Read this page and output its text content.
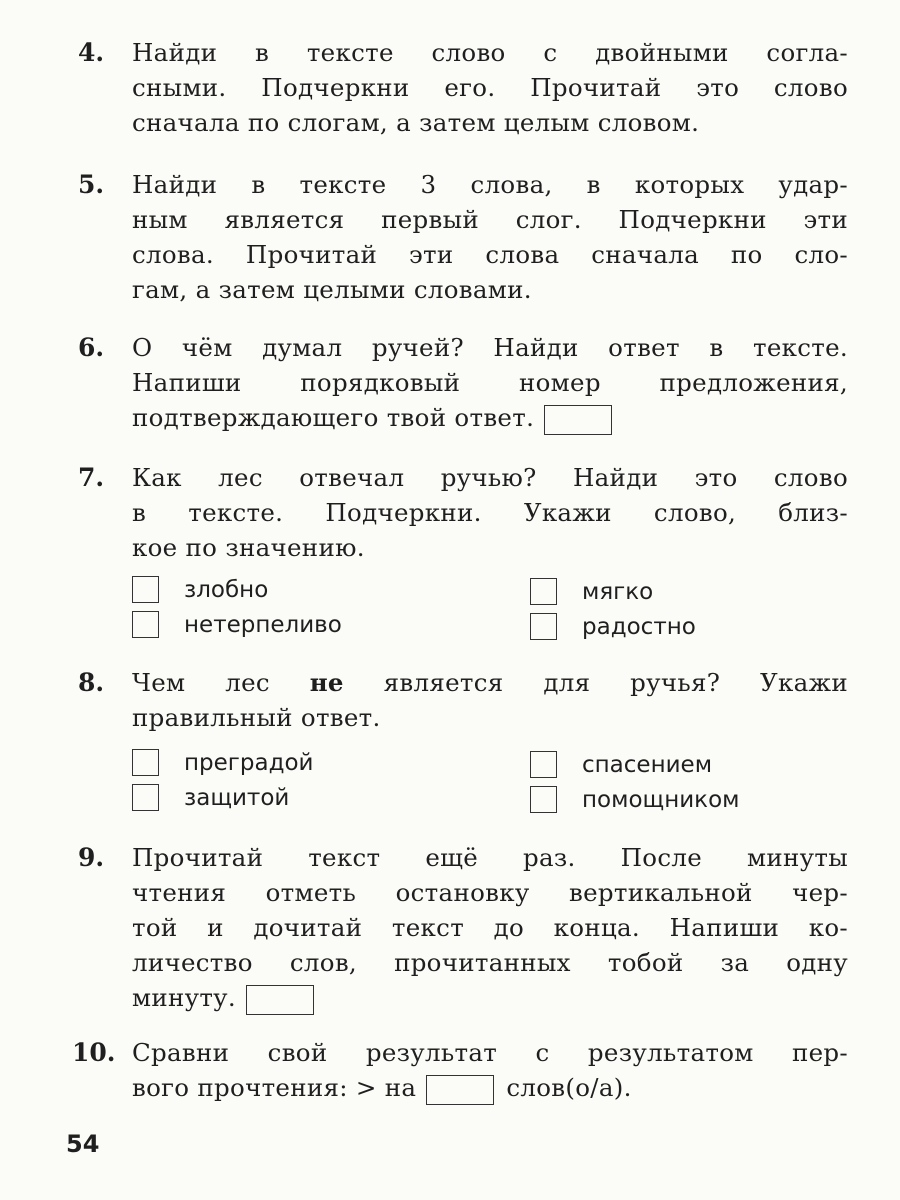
4. Найди в тексте слово с двойными согла-
сными. Подчеркни его. Прочитай это слово
сначала по слогам, а затем целым словом.
5. Найди в тексте 3 слова, в которых удар-
ным является первый слог. Подчеркни эти
слова. Прочитай эти слова сначала по сло-
гам, а затем целыми словами.
6. О чём думал ручей? Найди ответ в тексте.
Напиши порядковый номер предложения,
подтверждающего твой ответ.
7. Как лес отвечал ручью? Найди это слово
в тексте. Подчеркни. Укажи слово, близ-
кое по значению.
злобно
нетерпеливо
мягко
радостно
8. Чем лес не является для ручья? Укажи
правильный ответ.
преградой
защитой
спасением
помощником
9. Прочитай текст ещё раз. После минуты
чтения отметь остановку вертикальной чер-
той и дочитай текст до конца. Напиши ко-
личество слов, прочитанных тобой за одну
минуту.
10. Сравни свой результат с результатом пер-
вого прочтения: > на	слов(о/а).
54
